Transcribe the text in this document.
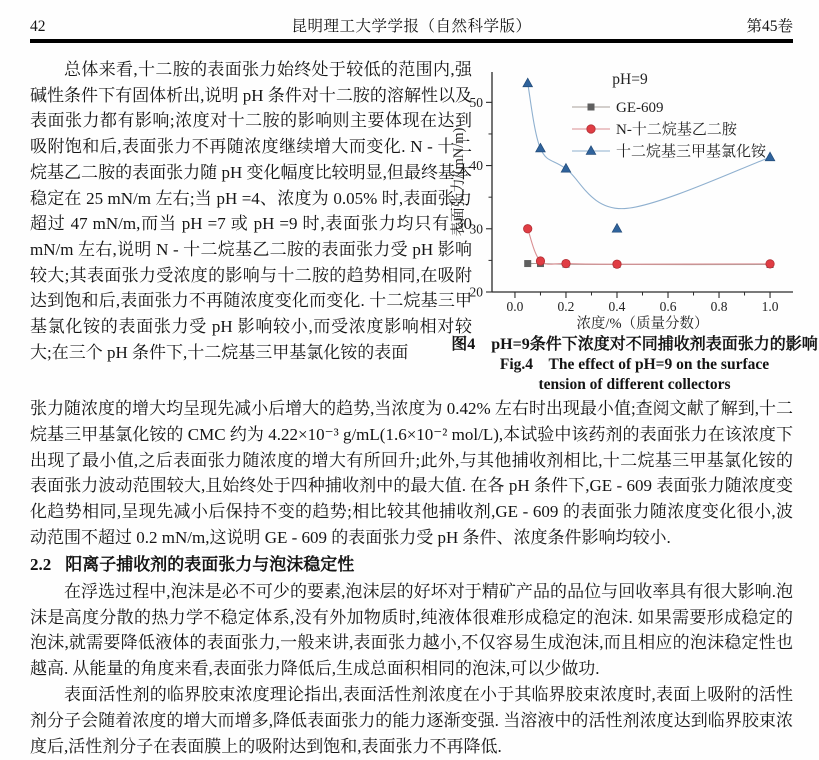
42	昆明理工大学学报（自然科学版）	第45卷

总体来看,十二胺的表面张力始终处于较低的范围内,强碱性条件下有固体析出,说明 pH 条件对十二胺的溶解性以及表面张力都有影响;浓度对十二胺的影响则主要体现在达到吸附饱和后,表面张力不再随浓度继续增大而变化. N - 十二烷基乙二胺的表面张力随 pH 变化幅度比较明显,但最终基本稳定在 25 mN/m 左右;当 pH =4、浓度为 0.05% 时,表面张力超过 47 mN/m,而当 pH =7 或 pH =9 时,表面张力均只有 30 mN/m 左右,说明 N - 十二烷基乙二胺的表面张力受 pH 影响较大;其表面张力受浓度的影响与十二胺的趋势相同,在吸附达到饱和后,表面张力不再随浓度变化而变化. 十二烷基三甲基氯化铵的表面张力受 pH 影响较小,而受浓度影响相对较大;在三个 pH 条件下,十二烷基三甲基氯化铵的表面

0.0	0.2	0.4	0.6	0.8	1.0
20
30
40
50
浓度/%（质量分数）
表面张力/(mN/m)
pH=9
GE-609
N-十二烷基乙二胺
十二烷基三甲基氯化铵
图4　pH=9条件下浓度对不同捕收剂表面张力的影响
Fig.4　The effect of pH=9 on the surface
tension of different collectors

张力随浓度的增大均呈现先减小后增大的趋势,当浓度为 0.42% 左右时出现最小值;查阅文献了解到,十二烷基三甲基氯化铵的 CMC 约为 4.22×10⁻³ g/mL(1.6×10⁻² mol/L),本试验中该药剂的表面张力在该浓度下出现了最小值,之后表面张力随浓度的增大有所回升;此外,与其他捕收剂相比,十二烷基三甲基氯化铵的表面张力波动范围较大,且始终处于四种捕收剂中的最大值. 在各 pH 条件下,GE - 609 表面张力随浓度变化趋势相同,呈现先减小后保持不变的趋势;相比较其他捕收剂,GE - 609 的表面张力随浓度变化很小,波动范围不超过 0.2 mN/m,这说明 GE - 609 的表面张力受 pH 条件、浓度条件影响均较小.

2.2 阳离子捕收剂的表面张力与泡沫稳定性

在浮选过程中,泡沫是必不可少的要素,泡沫层的好坏对于精矿产品的品位与回收率具有很大影响.泡沫是高度分散的热力学不稳定体系,没有外加物质时,纯液体很难形成稳定的泡沫. 如果需要形成稳定的泡沫,就需要降低液体的表面张力,一般来讲,表面张力越小,不仅容易生成泡沫,而且相应的泡沫稳定性也越高. 从能量的角度来看,表面张力降低后,生成总面积相同的泡沫,可以少做功.

表面活性剂的临界胶束浓度理论指出,表面活性剂浓度在小于其临界胶束浓度时,表面上吸附的活性剂分子会随着浓度的增大而增多,降低表面张力的能力逐渐变强. 当溶液中的活性剂浓度达到临界胶束浓度后,活性剂分子在表面膜上的吸附达到饱和,表面张力不再降低.
